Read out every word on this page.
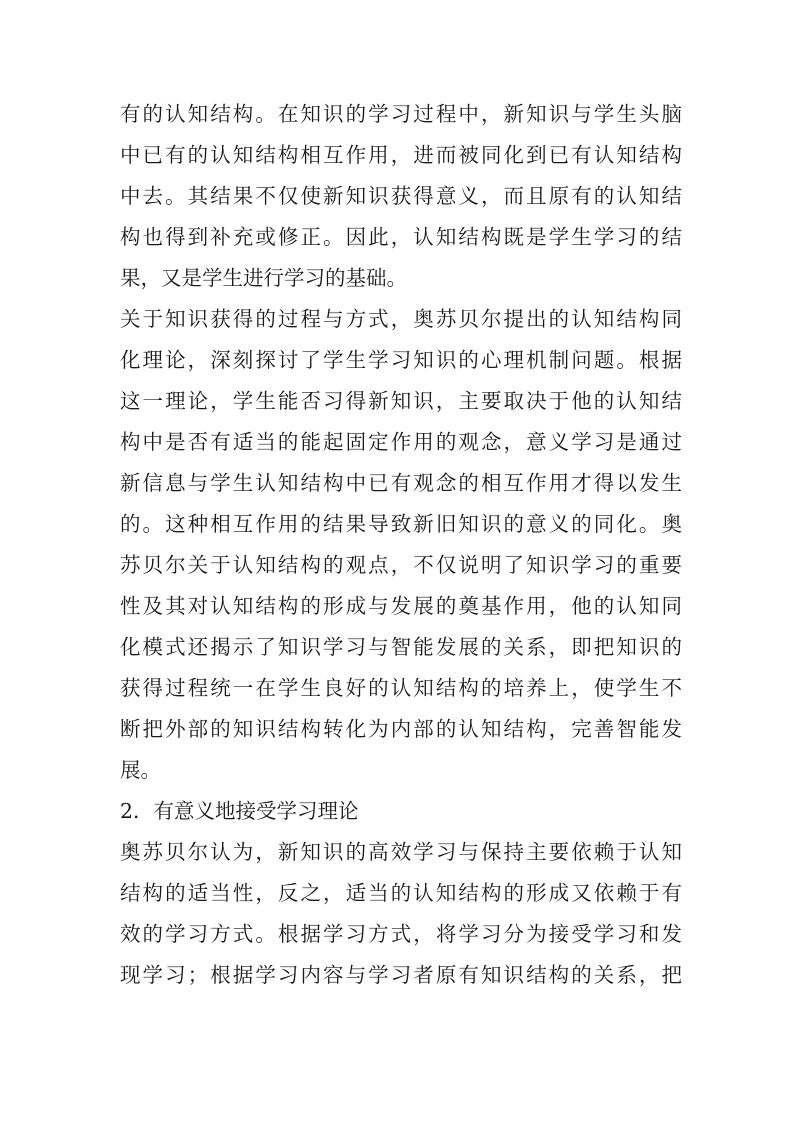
有的认知结构。在知识的学习过程中，新知识与学生头脑
中已有的认知结构相互作用，进而被同化到已有认知结构
中去。其结果不仅使新知识获得意义，而且原有的认知结
构也得到补充或修正。因此，认知结构既是学生学习的结
果，又是学生进行学习的基础。

关于知识获得的过程与方式，奥苏贝尔提出的认知结构同
化理论，深刻探讨了学生学习知识的心理机制问题。根据
这一理论，学生能否习得新知识，主要取决于他的认知结
构中是否有适当的能起固定作用的观念，意义学习是通过
新信息与学生认知结构中已有观念的相互作用才得以发生
的。这种相互作用的结果导致新旧知识的意义的同化。奥
苏贝尔关于认知结构的观点，不仅说明了知识学习的重要
性及其对认知结构的形成与发展的奠基作用，他的认知同
化模式还揭示了知识学习与智能发展的关系，即把知识的
获得过程统一在学生良好的认知结构的培养上，使学生不
断把外部的知识结构转化为内部的认知结构，完善智能发
展。

2．有意义地接受学习理论

奥苏贝尔认为，新知识的高效学习与保持主要依赖于认知
结构的适当性，反之，适当的认知结构的形成又依赖于有
效的学习方式。根据学习方式，将学习分为接受学习和发
现学习；根据学习内容与学习者原有知识结构的关系，把
